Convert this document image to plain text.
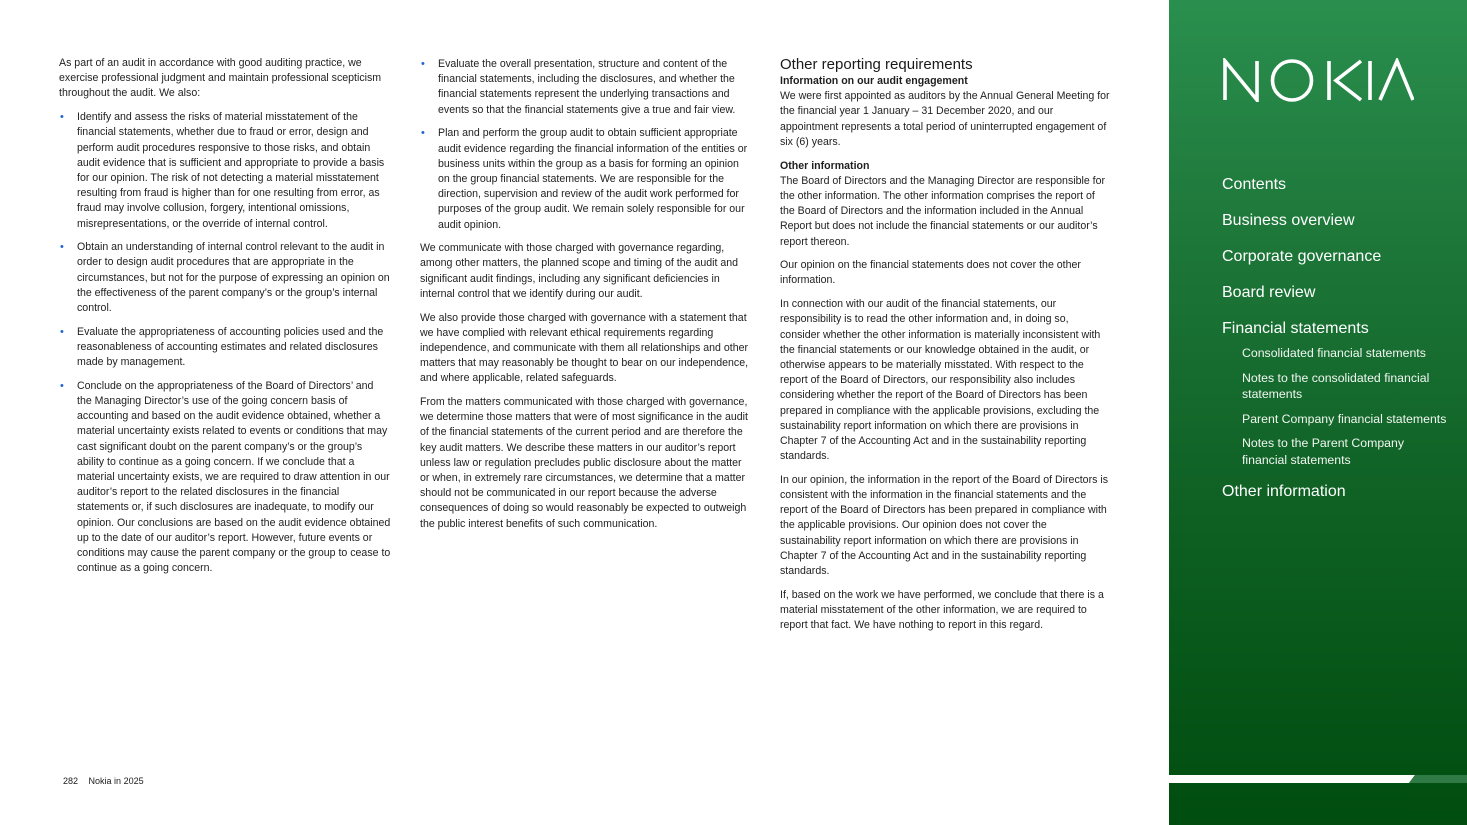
As part of an audit in accordance with good auditing practice, we exercise professional judgment and maintain professional scepticism throughout the audit. We also:

• Identify and assess the risks of material misstatement of the financial statements, whether due to fraud or error, design and perform audit procedures responsive to those risks, and obtain audit evidence that is sufficient and appropriate to provide a basis for our opinion. The risk of not detecting a material misstatement resulting from fraud is higher than for one resulting from error, as fraud may involve collusion, forgery, intentional omissions, misrepresentations, or the override of internal control.
• Obtain an understanding of internal control relevant to the audit in order to design audit procedures that are appropriate in the circumstances, but not for the purpose of expressing an opinion on the effectiveness of the parent company’s or the group’s internal control.
• Evaluate the appropriateness of accounting policies used and the reasonableness of accounting estimates and related disclosures made by management.
• Conclude on the appropriateness of the Board of Directors’ and the Managing Director’s use of the going concern basis of accounting and based on the audit evidence obtained, whether a material uncertainty exists related to events or conditions that may cast significant doubt on the parent company’s or the group’s ability to continue as a going concern. If we conclude that a material uncertainty exists, we are required to draw attention in our auditor’s report to the related disclosures in the financial statements or, if such disclosures are inadequate, to modify our opinion. Our conclusions are based on the audit evidence obtained up to the date of our auditor’s report. However, future events or conditions may cause the parent company or the group to cease to continue as a going concern.
• Evaluate the overall presentation, structure and content of the financial statements, including the disclosures, and whether the financial statements represent the underlying transactions and events so that the financial statements give a true and fair view.
• Plan and perform the group audit to obtain sufficient appropriate audit evidence regarding the financial information of the entities or business units within the group as a basis for forming an opinion on the group financial statements. We are responsible for the direction, supervision and review of the audit work performed for purposes of the group audit. We remain solely responsible for our audit opinion.

We communicate with those charged with governance regarding, among other matters, the planned scope and timing of the audit and significant audit findings, including any significant deficiencies in internal control that we identify during our audit.

We also provide those charged with governance with a statement that we have complied with relevant ethical requirements regarding independence, and communicate with them all relationships and other matters that may reasonably be thought to bear on our independence, and where applicable, related safeguards.

From the matters communicated with those charged with governance, we determine those matters that were of most significance in the audit of the financial statements of the current period and are therefore the key audit matters. We describe these matters in our auditor’s report unless law or regulation precludes public disclosure about the matter or when, in extremely rare circumstances, we determine that a matter should not be communicated in our report because the adverse consequences of doing so would reasonably be expected to outweigh the public interest benefits of such communication.

Other reporting requirements
Information on our audit engagement

We were first appointed as auditors by the Annual General Meeting for the financial year 1 January – 31 December 2020, and our appointment represents a total period of uninterrupted engagement of six (6) years.

Other information

The Board of Directors and the Managing Director are responsible for the other information. The other information comprises the report of the Board of Directors and the information included in the Annual Report but does not include the financial statements or our auditor’s report thereon.

Our opinion on the financial statements does not cover the other information.

In connection with our audit of the financial statements, our responsibility is to read the other information and, in doing so, consider whether the other information is materially inconsistent with the financial statements or our knowledge obtained in the audit, or otherwise appears to be materially misstated. With respect to the report of the Board of Directors, our responsibility also includes considering whether the report of the Board of Directors has been prepared in compliance with the applicable provisions, excluding the sustainability report information on which there are provisions in Chapter 7 of the Accounting Act and in the sustainability reporting standards.

In our opinion, the information in the report of the Board of Directors is consistent with the information in the financial statements and the report of the Board of Directors has been prepared in compliance with the applicable provisions. Our opinion does not cover the sustainability report information on which there are provisions in Chapter 7 of the Accounting Act and in the sustainability reporting standards.

If, based on the work we have performed, we conclude that there is a material misstatement of the other information, we are required to report that fact. We have nothing to report in this regard.

282 Nokia in 2025
Contents
Business overview
Corporate governance
Board review
Financial statements
Consolidated financial statements
Notes to the consolidated financial statements
Parent Company financial statements
Notes to the Parent Company financial statements
Other information
